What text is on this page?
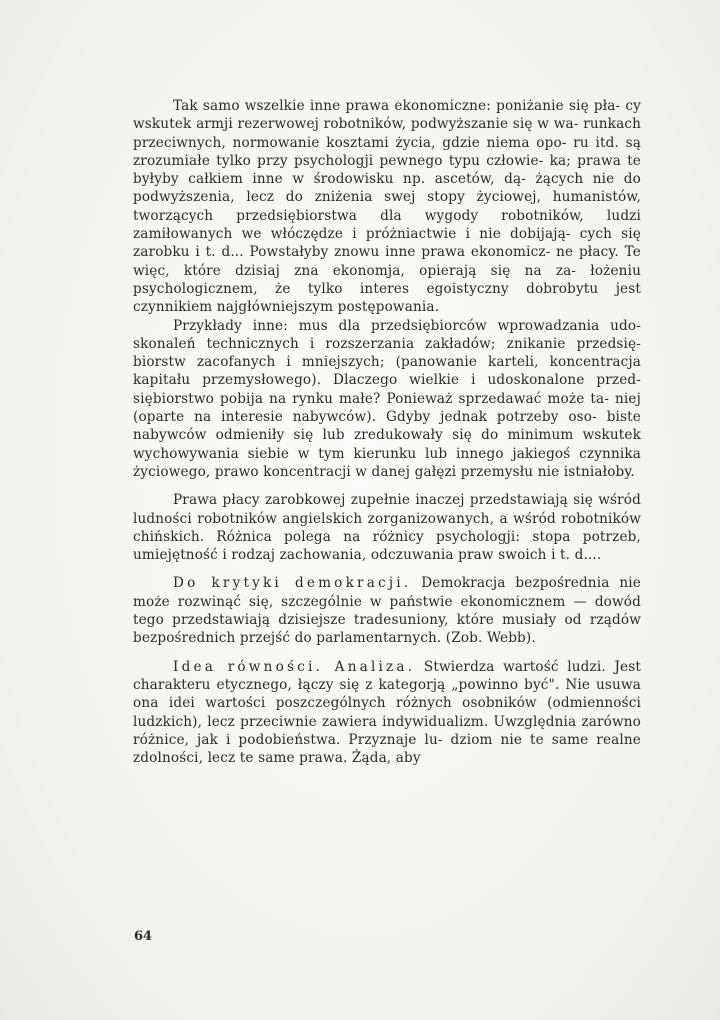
Tak samo wszelkie inne prawa ekonomiczne: poniżanie się pła- cy wskutek armji rezerwowej robotników, podwyższanie się w wa- runkach przeciwnych, normowanie kosztami życia, gdzie niema opo- ru itd. są zrozumiałe tylko przy psychologji pewnego typu człowie- ka; prawa te byłyby całkiem inne w środowisku np. ascetów, dą- żących nie do podwyższenia, lecz do zniżenia swej stopy życiowej, humanistów, tworzących przedsiębiorstwa dla wygody robotników, ludzi zamiłowanych we włóczędze i próżniactwie i nie dobijają- cych się zarobku i t. d... Powstałyby znowu inne prawa ekonomicz- ne płacy. Te więc, które dzisiaj zna ekonomja, opierają się na za- łożeniu psychologicznem, że tylko interes egoistyczny dobrobytu jest czynnikiem najgłówniejszym postępowania.

Przykłady inne: mus dla przedsiębiorców wprowadzania udo- skonaleń technicznych i rozszerzania zakładów; znikanie przedsię- biorstw zacofanych i mniejszych; (panowanie karteli, koncentracja kapitału przemysłowego). Dlaczego wielkie i udoskonalone przed- siębiorstwo pobija na rynku małe? Ponieważ sprzedawać może ta- niej (oparte na interesie nabywców). Gdyby jednak potrzeby oso- biste nabywców odmieniły się lub zredukowały się do minimum wskutek wychowywania siebie w tym kierunku lub innego jakiegoś czynnika życiowego, prawo koncentracji w danej gałęzi przemysłu nie istniałoby.

Prawa płacy zarobkowej zupełnie inaczej przedstawiają się wśród ludności robotników angielskich zorganizowanych, a wśród robotników chińskich. Różnica polega na różnicy psychologji: stopa potrzeb, umiejętność i rodzaj zachowania, odczuwania praw swoich i t. d....

Do krytyki demokracji. Demokracja bezpośrednia nie może rozwinąć się, szczególnie w państwie ekonomicznem — dowód tego przedstawiają dzisiejsze tradesuniony, które musiały od rządów bezpośrednich przejść do parlamentarnych. (Zob. Webb).

Idea równości. Analiza. Stwierdza wartość ludzi. Jest charakteru etycznego, łączy się z kategorją „powinno być". Nie usuwa ona idei wartości poszczególnych różnych osobników (odmienności ludzkich), lecz przeciwnie zawiera indywidualizm. Uwzględnia zarówno różnice, jak i podobieństwa. Przyznaje lu- dziom nie te same realne zdolności, lecz te same prawa. Żąda, aby

64
